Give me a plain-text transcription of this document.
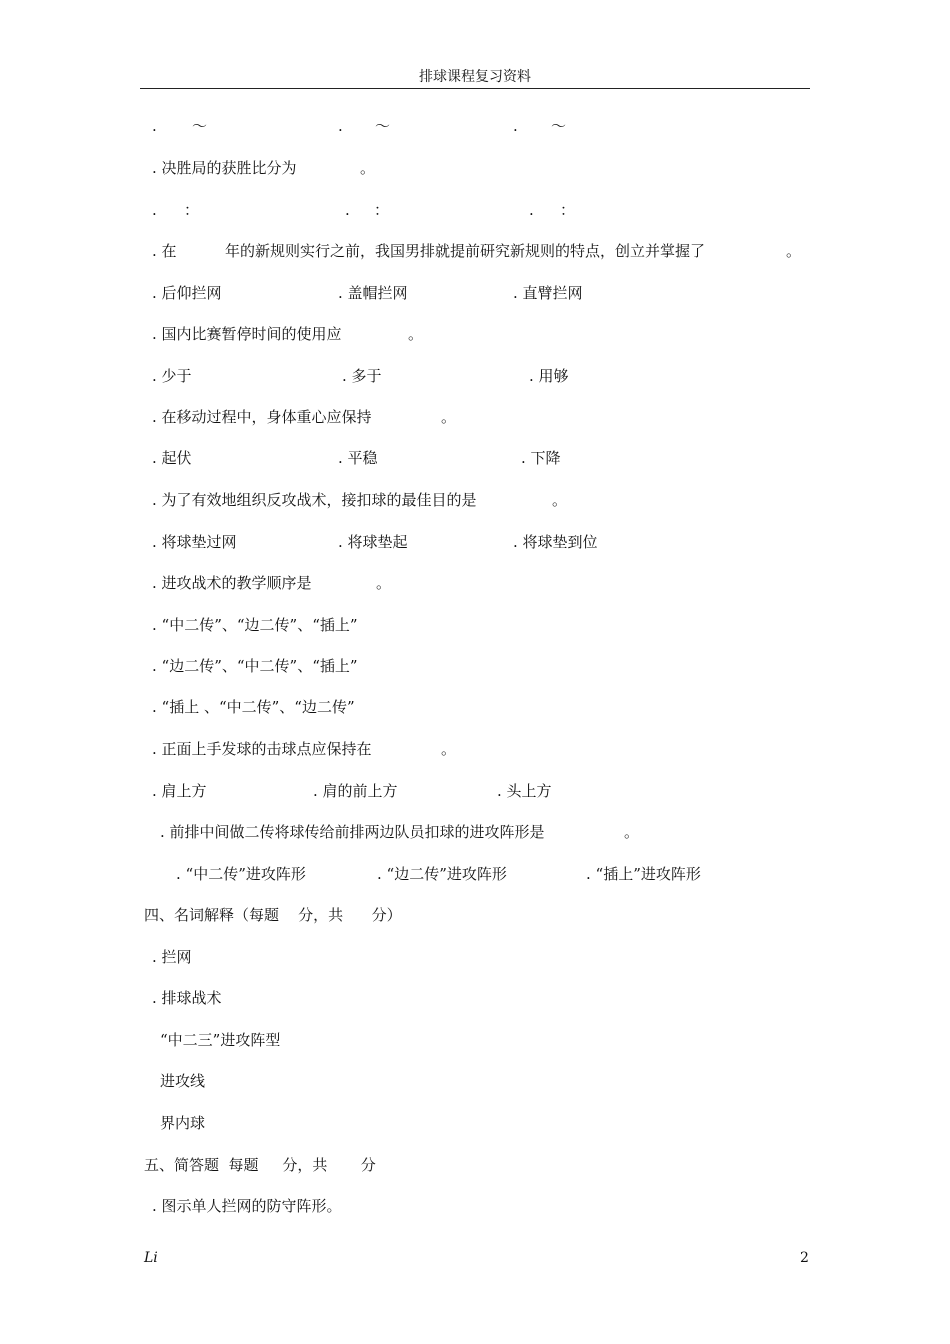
排球课程复习资料
. ～	. ～	. ～
. 决胜局的获胜比分为	。
. ：	. ：	. ：
. 在	年的新规则实行之前，我国男排就提前研究新规则的特点，创立并掌握了	。
. 后仰拦网	. 盖帽拦网	. 直臂拦网
. 国内比赛暂停时间的使用应	。
. 少于	. 多于	. 用够
. 在移动过程中，身体重心应保持	。
. 起伏	. 平稳	. 下降
. 为了有效地组织反攻战术，接扣球的最佳目的是	。
. 将球垫过网	. 将球垫起	. 将球垫到位
. 进攻战术的教学顺序是	。
. “中二传”、“边二传”、“插上”
. “边二传”、“中二传”、“插上”
. “插上 、“中二传”、“边二传”
. 正面上手发球的击球点应保持在	。
. 肩上方	. 肩的前上方	. 头上方
. 前排中间做二传将球传给前排两边队员扣球的进攻阵形是	。
. “中二传”进攻阵形	. “边二传”进攻阵形	. “插上”进攻阵形
四、名词解释（每题    分，共      分）
. 拦网
. 排球战术
“中二三”进攻阵型
进攻线
界内球
五、简答题  每题     分，共       分
. 图示单人拦网的防守阵形。
Li	2
